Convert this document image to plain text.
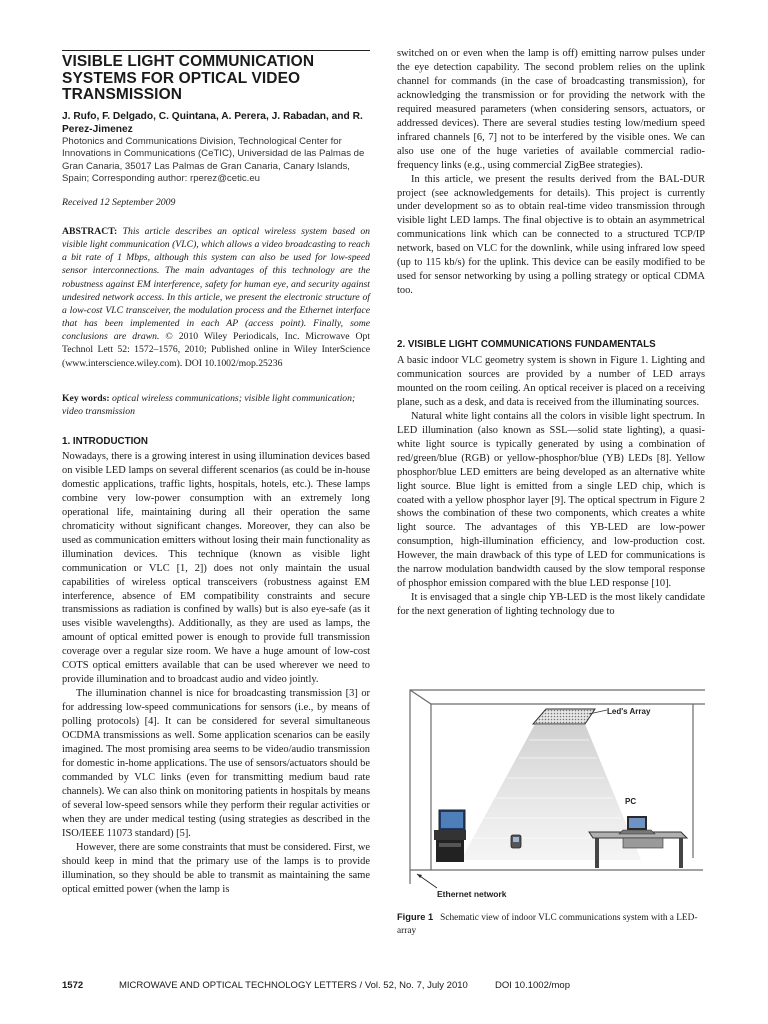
VISIBLE LIGHT COMMUNICATION SYSTEMS FOR OPTICAL VIDEO TRANSMISSION
J. Rufo, F. Delgado, C. Quintana, A. Perera, J. Rabadan, and R. Perez-Jimenez
Photonics and Communications Division, Technological Center for Innovations in Communications (CeTIC), Universidad de las Palmas de Gran Canaria, 35017 Las Palmas de Gran Canaria, Canary Islands, Spain; Corresponding author: rperez@cetic.eu
Received 12 September 2009

ABSTRACT: This article describes an optical wireless system based on visible light communication (VLC), which allows a video broadcasting to reach a bit rate of 1 Mbps, although this system can also be used for low-speed sensor interconnections. The main advantages of this technology are the robustness against EM interference, safety for human eye, and security against undesired network access. In this article, we present the electronic structure of a low-cost VLC transceiver, the modulation process and the Ethernet interface that has been implemented in each AP (access point). Finally, some conclusions are drawn. © 2010 Wiley Periodicals, Inc. Microwave Opt Technol Lett 52: 1572–1576, 2010; Published online in Wiley InterScience (www.interscience.wiley.com). DOI 10.1002/mop.25236

Key words: optical wireless communications; visible light communication; video transmission

1. INTRODUCTION

Nowadays, there is a growing interest in using illumination devices based on visible LED lamps on several different scenarios (as could be in-house domestic applications, traffic lights, hospitals, hotels, etc.). These lamps combine very low-power consumption with an extremely long operational life, maintaining during all their operation the same chromaticity without significant changes. Moreover, they can also be used as communication emitters without losing their main functionality as illumination devices. This technique (known as visible light communication or VLC [1, 2]) does not only maintain the usual capabilities of wireless optical transceivers (robustness against EM interference, absence of EM compatibility constraints and secure transmissions as radiation is confined by walls) but is also eye-safe (as it uses visible wavelengths). Additionally, as they are used as lamps, the amount of optical emitted power is enough to provide full transmission coverage over a regular size room. We have a huge amount of low-cost COTS optical emitters available that can be used wherever we need to provide illumination and to broadcast audio and video jointly.

The illumination channel is nice for broadcasting transmission [3] or for addressing low-speed communications for sensors (i.e., by means of polling protocols) [4]. It can be considered for several simultaneous OCDMA transmissions as well. Some application scenarios can be easily imagined. The most promising area seems to be video/audio transmission for domestic in-home applications. The use of sensors/actuators should be commanded by VLC links (even for transmitting medium baud rate channels). We can also think on monitoring patients in hospitals by means of several low-speed sensors while they perform their regular activities or when they are under medical testing (using strategies as described in the ISO/IEEE 11073 standard) [5].

However, there are some constraints that must be considered. First, we should keep in mind that the primary use of the lamps is to provide illumination, so they should be able to transmit as maintaining the same optical emitted power (when the lamp is

switched on or even when the lamp is off) emitting narrow pulses under the eye detection capability. The second problem relies on the uplink channel for commands (in the case of broadcasting transmission), for acknowledging the transmission or for providing the network with the required measured parameters (when considering sensors, actuators, or addressed devices). There are several studies testing low/medium speed infrared channels [6, 7] not to be interfered by the visible ones. We can also use one of the huge varieties of available commercial radio-frequency links (e.g., using commercial ZigBee strategies).

In this article, we present the results derived from the BAL-DUR project (see acknowledgements for details). This project is currently under development so as to obtain real-time video transmission through visible light LED lamps. The final objective is to obtain an asymmetrical communications link which can be connected to a structured TCP/IP network, based on VLC for the downlink, while using infrared low speed (up to 115 kb/s) for the uplink. This device can be easily modified to be used for sensor networking by using a polling strategy or optical CDMA too.

2. VISIBLE LIGHT COMMUNICATIONS FUNDAMENTALS

A basic indoor VLC geometry system is shown in Figure 1. Lighting and communication sources are provided by a number of LED arrays mounted on the room ceiling. An optical receiver is placed on a receiving plane, such as a desk, and data is received from the illuminating sources.

Natural white light contains all the colors in visible light spectrum. In LED illumination (also known as SSL—solid state lighting), a quasi-white light source is typically generated by using a combination of red/green/blue (RGB) or yellow-phosphor/blue (YB) LEDs [8]. Yellow phosphor/blue LED emitters are being developed as an alternative white light source. Blue light is emitted from a single LED chip, which is coated with a yellow phosphor layer [9]. The optical spectrum in Figure 2 shows the combination of these two components, which creates a white light source. The advantages of this YB-LED are low-power consumption, high-illumination efficiency, and low-production cost. However, the main drawback of this type of LED for communications is the narrow modulation bandwidth caused by the slow temporal response of phosphor emission compared with the blue LED response [10].

It is envisaged that a single chip YB-LED is the most likely candidate for the next generation of lighting technology due to

Led's Array
PC
Ethernet network

Figure 1 Schematic view of indoor VLC communications system with a LED-array

1572	MICROWAVE AND OPTICAL TECHNOLOGY LETTERS / Vol. 52, No. 7, July 2010	DOI 10.1002/mop
